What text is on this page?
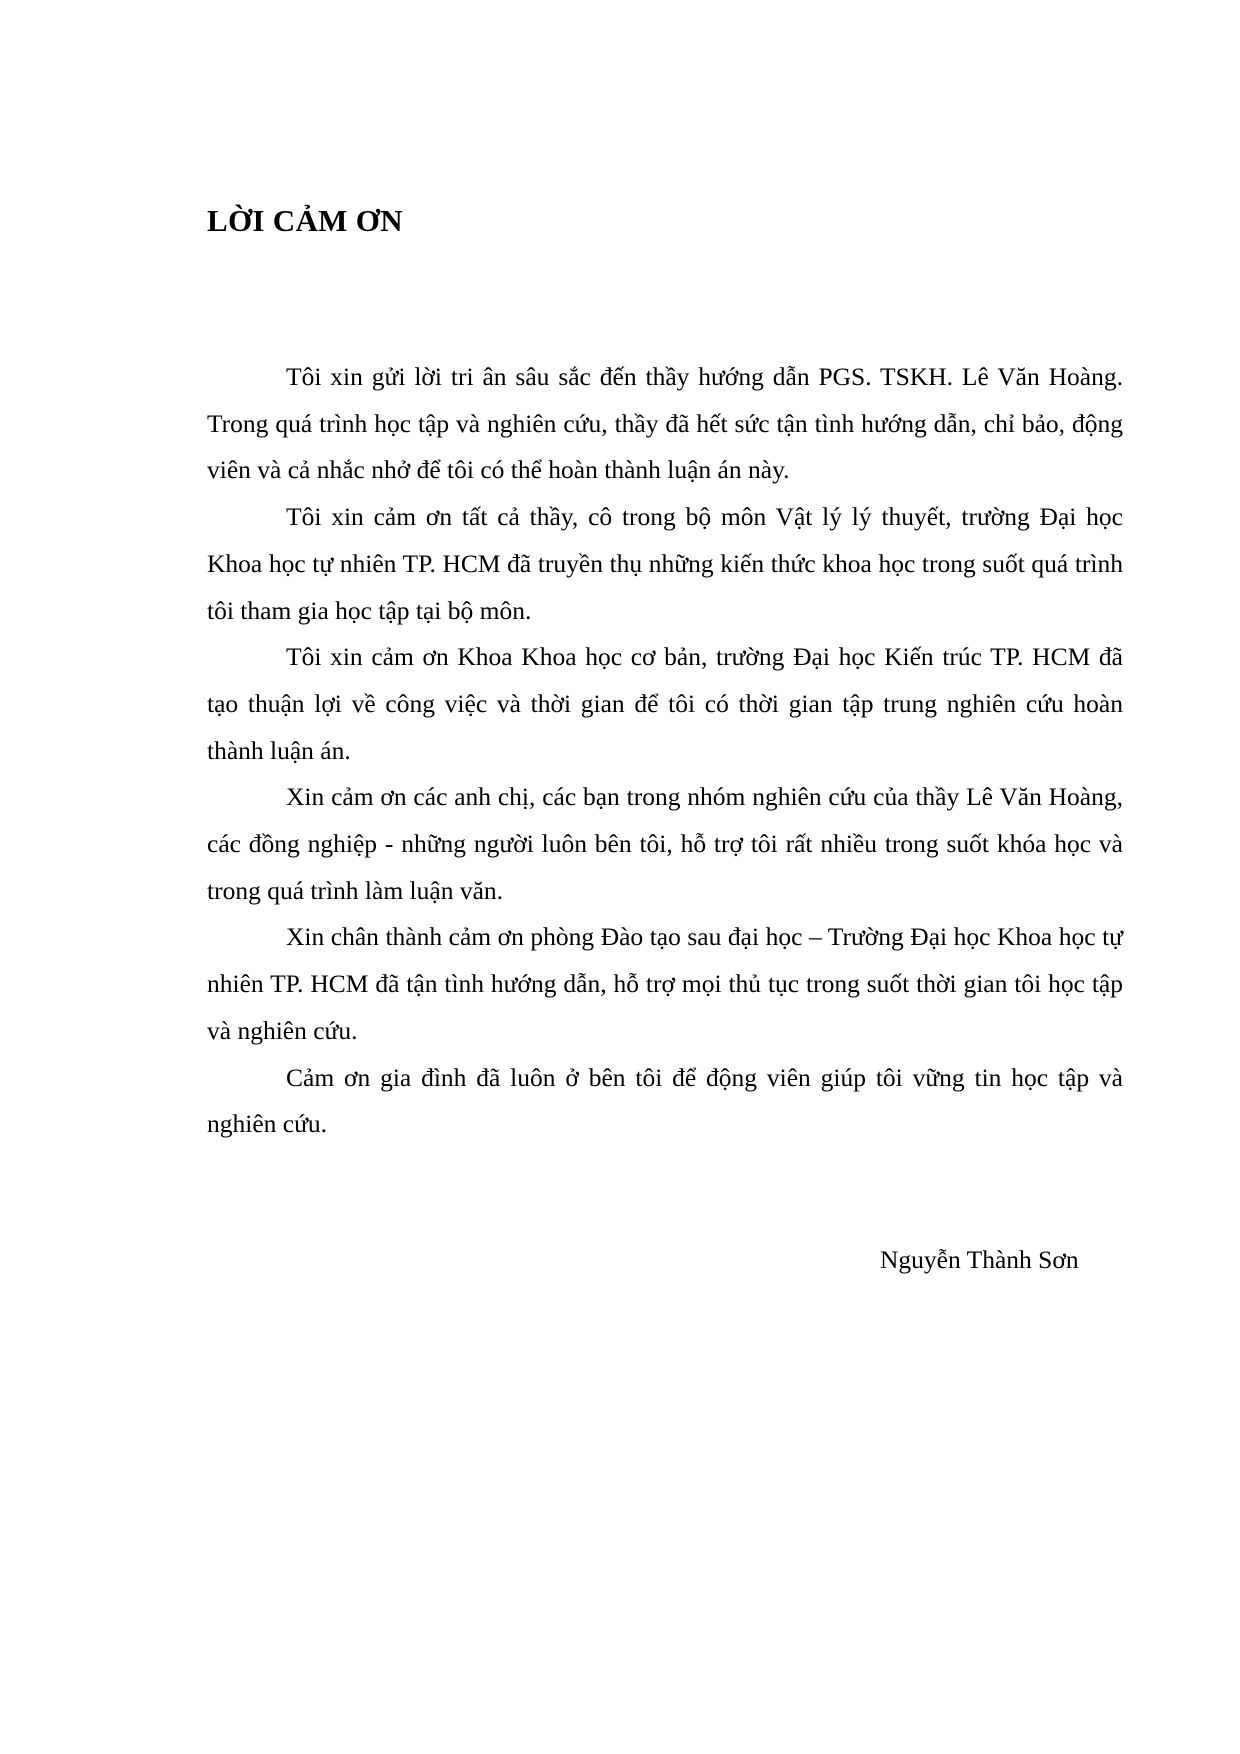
LỜI CẢM ƠN

Tôi xin gửi lời tri ân sâu sắc đến thầy hướng dẫn PGS. TSKH. Lê Văn Hoàng. Trong quá trình học tập và nghiên cứu, thầy đã hết sức tận tình hướng dẫn, chỉ bảo, động viên và cả nhắc nhở để tôi có thể hoàn thành luận án này.

Tôi xin cảm ơn tất cả thầy, cô trong bộ môn Vật lý lý thuyết, trường Đại học Khoa học tự nhiên TP. HCM đã truyền thụ những kiến thức khoa học trong suốt quá trình tôi tham gia học tập tại bộ môn.

Tôi xin cảm ơn Khoa Khoa học cơ bản, trường Đại học Kiến trúc TP. HCM đã tạo thuận lợi về công việc và thời gian để tôi có thời gian tập trung nghiên cứu hoàn thành luận án.

Xin cảm ơn các anh chị, các bạn trong nhóm nghiên cứu của thầy Lê Văn Hoàng, các đồng nghiệp - những người luôn bên tôi, hỗ trợ tôi rất nhiều trong suốt khóa học và trong quá trình làm luận văn.

Xin chân thành cảm ơn phòng Đào tạo sau đại học – Trường Đại học Khoa học tự nhiên TP. HCM đã tận tình hướng dẫn, hỗ trợ mọi thủ tục trong suốt thời gian tôi học tập và nghiên cứu.

Cảm ơn gia đình đã luôn ở bên tôi để động viên giúp tôi vững tin học tập và nghiên cứu.

Nguyễn Thành Sơn
